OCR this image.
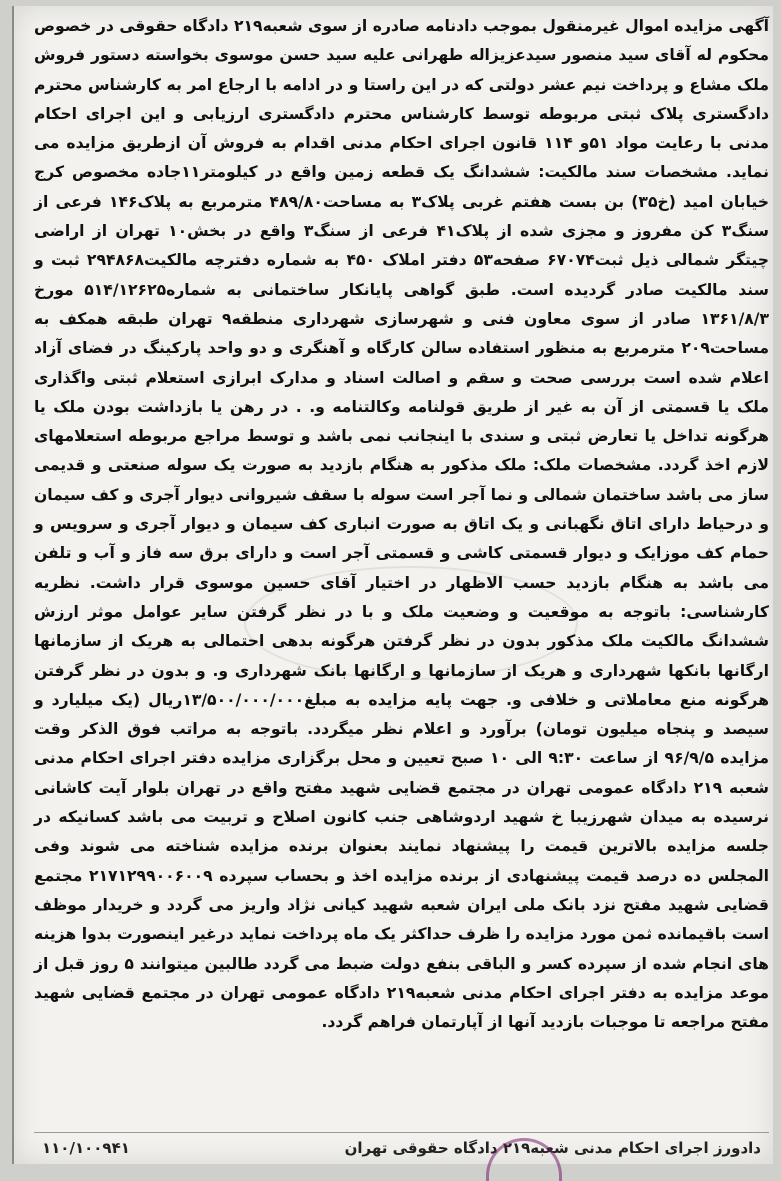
آگهی مزایده اموال غیرمنقول بموجب دادنامه صادره از سوی شعبه۲۱۹ دادگاه حقوقی در خصوص محکوم له آقای سید منصور سیدعزیزاله طهرانی علیه سید حسن موسوی بخواسته دستور فروش ملک مشاع و پرداخت نیم عشر دولتی که در این راستا و در ادامه با ارجاع امر به کارشناس محترم دادگستری پلاک ثبتی مربوطه توسط کارشناس محترم دادگستری ارزیابی و این اجرای احکام مدنی با رعایت مواد ۵۱و ۱۱۴ قانون اجرای احکام مدنی اقدام به فروش آن ازطریق مزایده می نماید. مشخصات سند مالکیت: ششدانگ یک قطعه زمین واقع در کیلومتر۱۱جاده مخصوص کرج خیابان امید (خ۳۵) بن بست هفتم غربی پلاک۳ به مساحت۴۸۹/۸۰ مترمربع به پلاک۱۴۶ فرعی از سنگ۳ کن مفروز و مجزی شده از پلاک۴۱ فرعی از سنگ۳ واقع در بخش۱۰ تهران از اراضی چیتگر شمالی ذیل ثبت۶۷۰۷۴ صفحه۵۳ دفتر املاک ۴۵۰ به شماره دفترچه مالکیت۲۹۴۸۶۸ ثبت و سند مالکیت صادر گردیده است. طبق گواهی پایانکار ساختمانی به شماره۵۱۴/۱۲۶۲۵ مورخ ۱۳۶۱/۸/۳ صادر از سوی معاون فنی و شهرسازی شهرداری منطقه۹ تهران طبقه همکف به مساحت۲۰۹ مترمربع به منظور استفاده سالن کارگاه و آهنگری و دو واحد پارکینگ در فضای آزاد اعلام شده است بررسی صحت و سقم و اصالت اسناد و مدارک ابرازی استعلام ثبتی واگذاری ملک یا قسمتی از آن به غیر از طریق قولنامه وکالتنامه و. . در رهن یا بازداشت بودن ملک یا هرگونه تداخل یا تعارض ثبتی و سندی با اینجانب نمی باشد و توسط مراجع مربوطه استعلامهای لازم اخذ گردد. مشخصات ملک: ملک مذکور به هنگام بازدید به صورت یک سوله صنعتی و قدیمی ساز می باشد ساختمان شمالی و نما آجر است سوله با سقف شیروانی دیوار آجری و کف سیمان و درحیاط دارای اتاق نگهبانی و یک اتاق به صورت انباری کف سیمان و دیوار آجری و سرویس و حمام کف موزایک و دیوار قسمتی کاشی و قسمتی آجر است و دارای برق سه فاز و آب و تلفن می باشد به هنگام بازدید حسب الاظهار در اختیار آقای حسین موسوی قرار داشت. نظریه کارشناسی: باتوجه به موقعیت و وضعیت ملک و با در نظر گرفتن سایر عوامل موثر ارزش ششدانگ مالکیت ملک مذکور بدون در نظر گرفتن هرگونه بدهی احتمالی به هریک از سازمانها ارگانها بانکها شهرداری و هریک از سازمانها و ارگانها بانک شهرداری و. و بدون در نظر گرفتن هرگونه منع معاملاتی و خلافی و. جهت پایه مزایده به مبلغ۱۳/۵۰۰/۰۰۰/۰۰۰ریال (یک میلیارد و سیصد و پنجاه میلیون تومان) برآورد و اعلام نظر میگردد. باتوجه به مراتب فوق الذکر وقت مزایده ۹۶/۹/۵ از ساعت ۹:۳۰ الی ۱۰ صبح تعیین و محل برگزاری مزایده دفتر اجرای احکام مدنی شعبه ۲۱۹ دادگاه عمومی تهران در مجتمع قضایی شهید مفتح واقع در تهران بلوار آیت کاشانی نرسیده به میدان شهرزیبا خ شهید اردوشاهی جنب کانون اصلاح و تربیت می باشد کسانیکه در جلسه مزایده بالاترین قیمت را پیشنهاد نمایند بعنوان برنده مزایده شناخته می شوند وفی المجلس ده درصد قیمت پیشنهادی از برنده مزایده اخذ و بحساب سپرده ۲۱۷۱۲۹۹۰۰۶۰۰۹ مجتمع قضایی شهید مفتح نزد بانک ملی ایران شعبه شهید کیانی نژاد واریز می گردد و خریدار موظف است باقیمانده ثمن مورد مزایده را ظرف حداکثر یک ماه پرداخت نماید درغیر اینصورت بدوا هزینه های انجام شده از سپرده کسر و الباقی بنفع دولت ضبط می گردد طالبین میتوانند ۵ روز قبل از موعد مزایده به دفتر اجرای احکام مدنی شعبه۲۱۹ دادگاه عمومی تهران در مجتمع قضایی شهید مفتح مراجعه تا موجبات بازدید آنها از آپارتمان فراهم گردد.

دادورز اجرای احکام مدنی شعبه۲۱۹ دادگاه حقوقی تهران
۱۱۰/۱۰۰۹۴۱
